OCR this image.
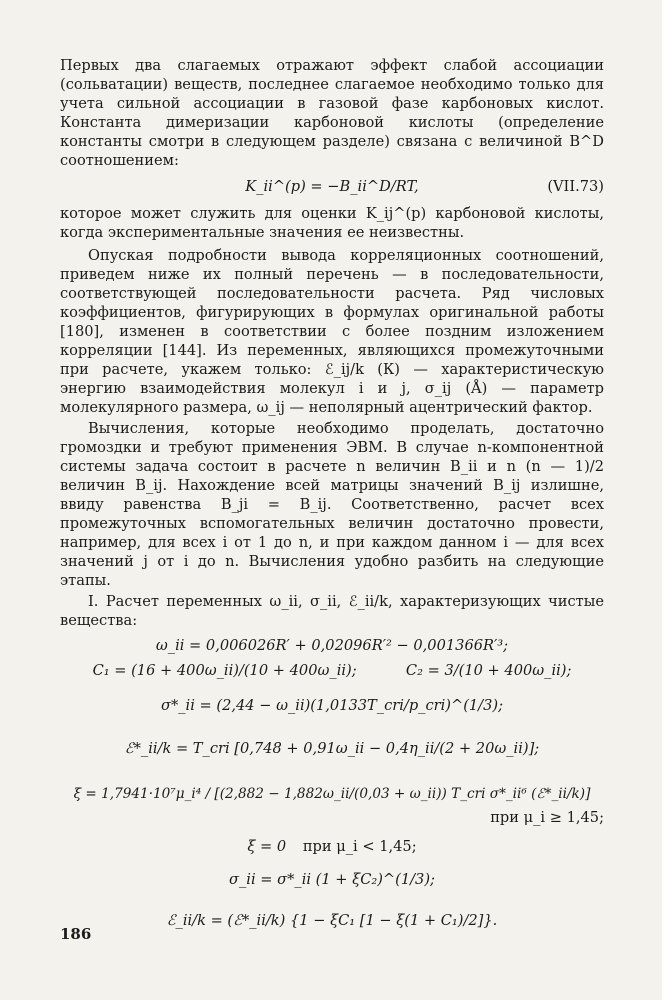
Первых два слагаемых отражают эффект слабой ассоциации (сольватации) веществ, последнее слагаемое необходимо только для учета сильной ассоциации в газовой фазе карбоновых кислот. Константа димеризации карбоновой кислоты (определение константы смотри в следующем разделе) связана с величиной B^D соотношением:

K_ii^(p) = −B_ii^D/RT,	(VII.73)

которое может служить для оценки K_ij^(p) карбоновой кислоты, когда экспериментальные значения ее неизвестны.

Опуская подробности вывода корреляционных соотношений, приведем ниже их полный перечень — в последовательности, соответствующей последовательности расчета. Ряд числовых коэффициентов, фигурирующих в формулах оригинальной работы [180], изменен в соответствии с более поздним изложением корреляции [144]. Из переменных, являющихся промежуточными при расчете, укажем только: ℰ_ij/k (К) — характеристическую энергию взаимодействия молекул i и j, σ_ij (Å) — параметр молекулярного размера, ω_ij — неполярный ацентрический фактор.

Вычисления, которые необходимо проделать, достаточно громоздки и требуют применения ЭВМ. В случае n-компонентной системы задача состоит в расчете n величин B_ii и n (n — 1)/2 величин B_ij. Нахождение всей матрицы значений B_ij излишне, ввиду равенства B_ji = B_ij. Соответственно, расчет всех промежуточных вспомогательных величин достаточно провести, например, для всех i от 1 до n, и при каждом данном i — для всех значений j от i до n. Вычисления удобно разбить на следующие этапы.

I. Расчет переменных ω_ii, σ_ii, ℰ_ii/k, характеризующих чистые вещества:

ω_ii = 0,006026R′ + 0,02096R′² − 0,001366R′³;
C₁ = (16 + 400ω_ii)/(10 + 400ω_ii);	C₂ = 3/(10 + 400ω_ii);
σ*_ii = (2,44 − ω_ii)(1,0133T_cri/p_cri)^(1/3);
ℰ*_ii/k = T_cri [0,748 + 0,91ω_ii − 0,4η_ii/(2 + 20ω_ii)];
ξ = 1,7941·10⁷μ_i⁴ / [(2,882 − 1,882ω_ii/(0,03 + ω_ii)) T_cri σ*_ii⁶ (ℰ*_ii/k)]
при μ_i ≥ 1,45;
ξ = 0 при μ_i < 1,45;
σ_ii = σ*_ii (1 + ξC₂)^(1/3);
ℰ_ii/k = (ℰ*_ii/k) {1 − ξC₁ [1 − ξ(1 + C₁)/2]}.
186
